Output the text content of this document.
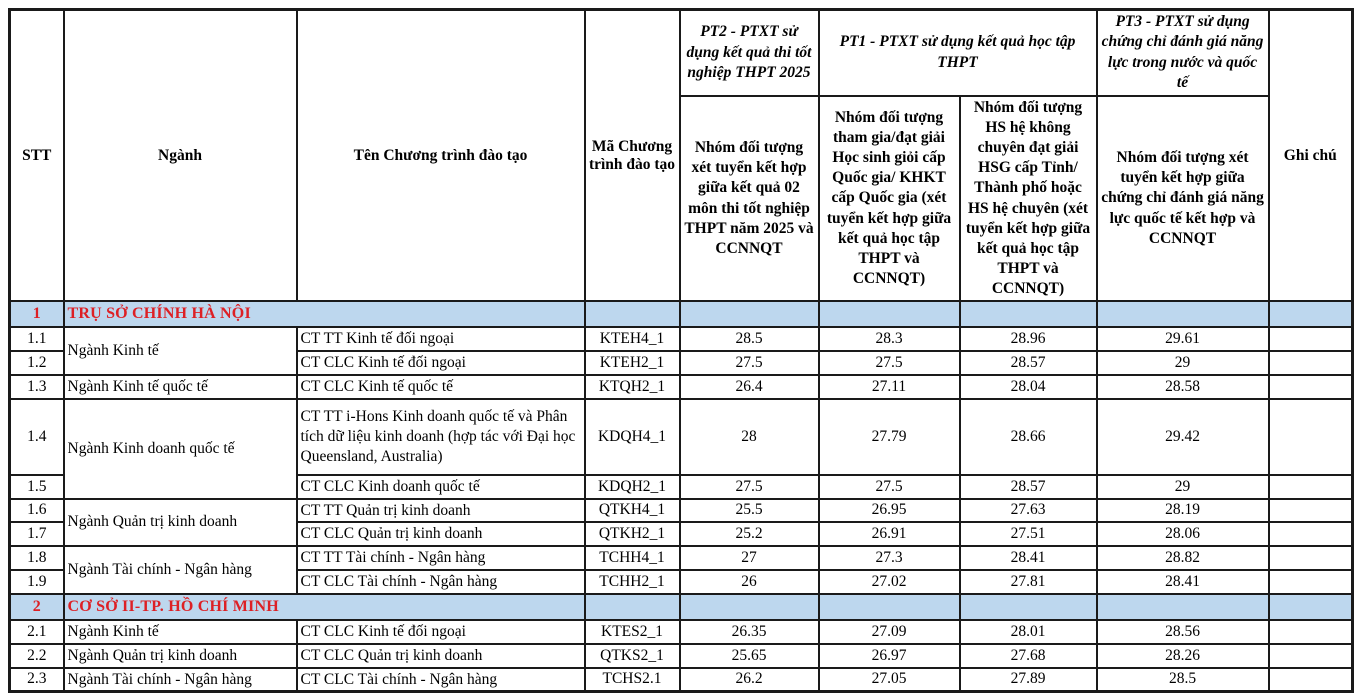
STT	Ngành	Tên Chương trình đào tạo	Mã Chương trình đào tạo	PT2 - PTXT sử dụng kết quả thi tốt nghiệp THPT 2025	PT1 - PTXT sử dụng kết quả học tập THPT		PT3 - PTXT sử dụng chứng chỉ đánh giá năng lực trong nước và quốc tế	Ghi chú
				Nhóm đối tượng xét tuyển kết hợp giữa kết quả 02 môn thi tốt nghiệp THPT năm 2025 và CCNNQT	Nhóm đối tượng tham gia/đạt giải Học sinh giỏi cấp Quốc gia/ KHKT cấp Quốc gia (xét tuyển kết hợp giữa kết quả học tập THPT và CCNNQT)	Nhóm đối tượng HS hệ không chuyên đạt giải HSG cấp Tỉnh/ Thành phố hoặc HS hệ chuyên (xét tuyển kết hợp giữa kết quả học tập THPT và CCNNQT)	Nhóm đối tượng xét tuyển kết hợp giữa chứng chỉ đánh giá năng lực quốc tế kết hợp và CCNNQT	
1	TRỤ SỞ CHÍNH HÀ NỘI							
1.1	Ngành Kinh tế	CT TT Kinh tế đối ngoại	KTEH4_1	28.5	28.3	28.96	29.61	
1.2		CT CLC Kinh tế đối ngoại	KTEH2_1	27.5	27.5	28.57	29	
1.3	Ngành Kinh tế quốc tế	CT CLC Kinh tế quốc tế	KTQH2_1	26.4	27.11	28.04	28.58	
1.4	Ngành Kinh doanh quốc tế	CT TT i-Hons Kinh doanh quốc tế và Phân tích dữ liệu kinh doanh (hợp tác với Đại học Queensland, Australia)	KDQH4_1	28	27.79	28.66	29.42	
1.5		CT CLC Kinh doanh quốc tế	KDQH2_1	27.5	27.5	28.57	29	
1.6	Ngành Quản trị kinh doanh	CT TT Quản trị kinh doanh	QTKH4_1	25.5	26.95	27.63	28.19	
1.7		CT CLC Quản trị kinh doanh	QTKH2_1	25.2	26.91	27.51	28.06	
1.8	Ngành Tài chính - Ngân hàng	CT TT Tài chính - Ngân hàng	TCHH4_1	27	27.3	28.41	28.82	
1.9		CT CLC Tài chính - Ngân hàng	TCHH2_1	26	27.02	27.81	28.41	
2	CƠ SỞ II-TP. HỒ CHÍ MINH							
2.1	Ngành Kinh tế	CT CLC Kinh tế đối ngoại	KTES2_1	26.35	27.09	28.01	28.56	
2.2	Ngành Quản trị kinh doanh	CT CLC Quản trị kinh doanh	QTKS2_1	25.65	26.97	27.68	28.26	
2.3	Ngành Tài chính - Ngân hàng	CT CLC Tài chính - Ngân hàng	TCHS2.1	26.2	27.05	27.89	28.5	
